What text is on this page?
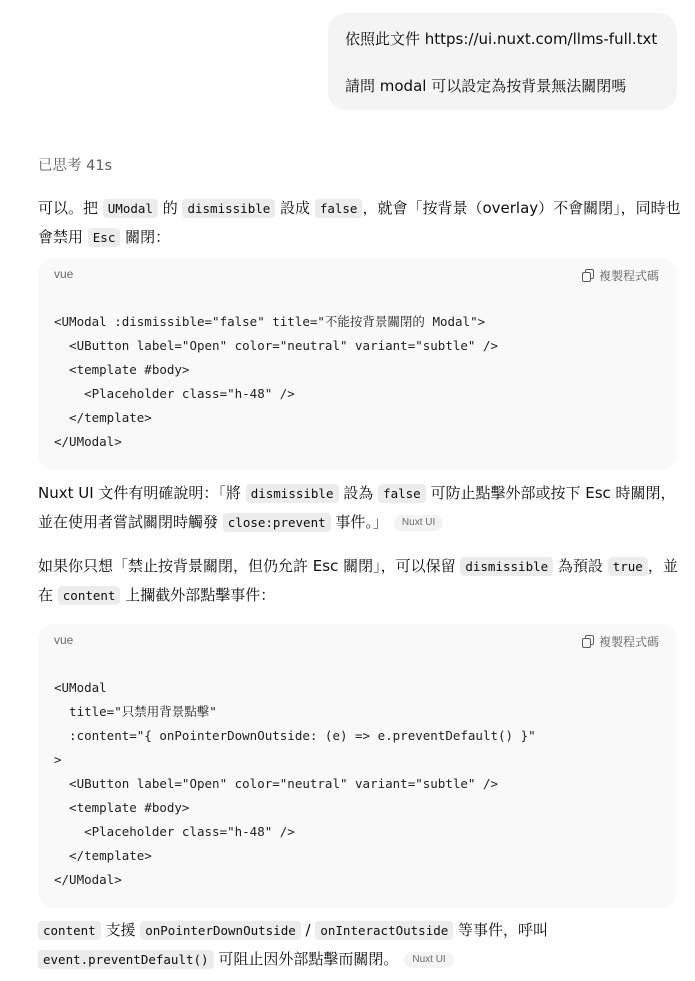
依照此文件 https://ui.nuxt.com/llms-full.txt
請問 modal 可以設定為按背景無法關閉嗎
已思考 41s
可以。把 UModal 的 dismissible 設成 false ，就會「按背景（overlay）不會關閉」，同時也會禁用 Esc 關閉：
vue	複製程式碼
<UModal :dismissible="false" title="不能按背景關閉的 Modal">
<UButton label="Open" color="neutral" variant="subtle" />
<template #body>
<Placeholder class="h-48" />
</template>
</UModal>
Nuxt UI 文件有明確說明：「將 dismissible 設為 false 可防止點擊外部或按下 Esc 時關閉，並在使用者嘗試關閉時觸發 close:prevent 事件。」 Nuxt UI
如果你只想「禁止按背景關閉，但仍允許 Esc 關閉」，可以保留 dismissible 為預設 true ，並在 content 上攔截外部點擊事件：
vue	複製程式碼
<UModal
title="只禁用背景點擊"
:content="{ onPointerDownOutside: (e) => e.preventDefault() }"
>
<UButton label="Open" color="neutral" variant="subtle" />
<template #body>
<Placeholder class="h-48" />
</template>
</UModal>
content 支援 onPointerDownOutside / onInteractOutside 等事件，呼叫 event.preventDefault() 可阻止因外部點擊而關閉。 Nuxt UI
